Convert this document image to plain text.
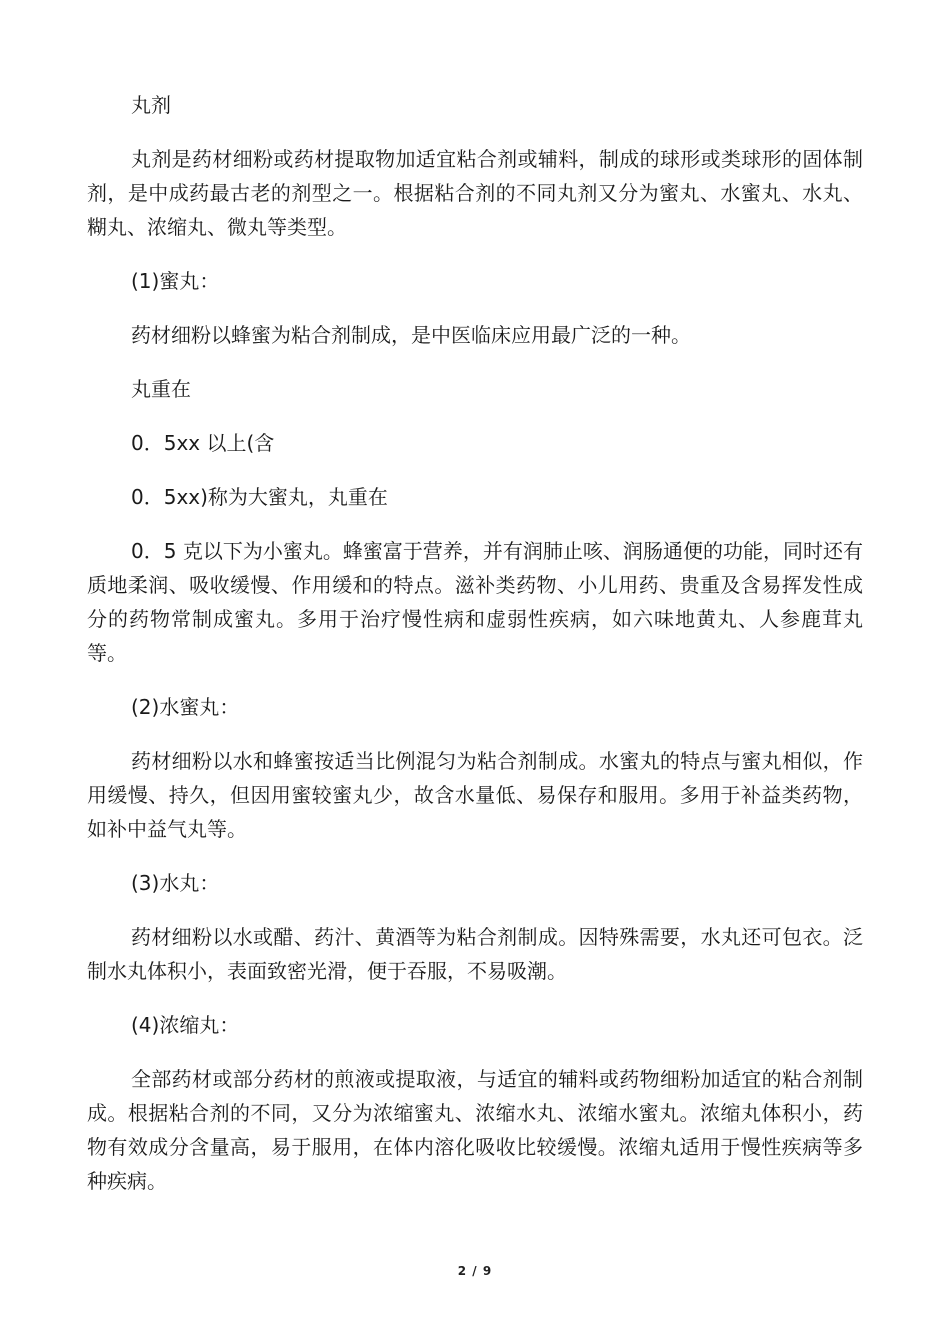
丸剂

丸剂是药材细粉或药材提取物加适宜粘合剂或辅料，制成的球形或类球形的固体制剂，是中成药最古老的剂型之一。根据粘合剂的不同丸剂又分为蜜丸、水蜜丸、水丸、糊丸、浓缩丸、微丸等类型。

(1)蜜丸：

药材细粉以蜂蜜为粘合剂制成，是中医临床应用最广泛的一种。

丸重在

0．5xx 以上(含

0．5xx)称为大蜜丸，丸重在

0．5 克以下为小蜜丸。蜂蜜富于营养，并有润肺止咳、润肠通便的功能，同时还有质地柔润、吸收缓慢、作用缓和的特点。滋补类药物、小儿用药、贵重及含易挥发性成分的药物常制成蜜丸。多用于治疗慢性病和虚弱性疾病，如六味地黄丸、人参鹿茸丸等。

(2)水蜜丸：

药材细粉以水和蜂蜜按适当比例混匀为粘合剂制成。水蜜丸的特点与蜜丸相似，作用缓慢、持久，但因用蜜较蜜丸少，故含水量低、易保存和服用。多用于补益类药物，如补中益气丸等。

(3)水丸：

药材细粉以水或醋、药汁、黄酒等为粘合剂制成。因特殊需要，水丸还可包衣。泛制水丸体积小，表面致密光滑，便于吞服，不易吸潮。

(4)浓缩丸：

全部药材或部分药材的煎液或提取液，与适宜的辅料或药物细粉加适宜的粘合剂制成。根据粘合剂的不同，又分为浓缩蜜丸、浓缩水丸、浓缩水蜜丸。浓缩丸体积小，药物有效成分含量高，易于服用，在体内溶化吸收比较缓慢。浓缩丸适用于慢性疾病等多种疾病。

2 / 9
